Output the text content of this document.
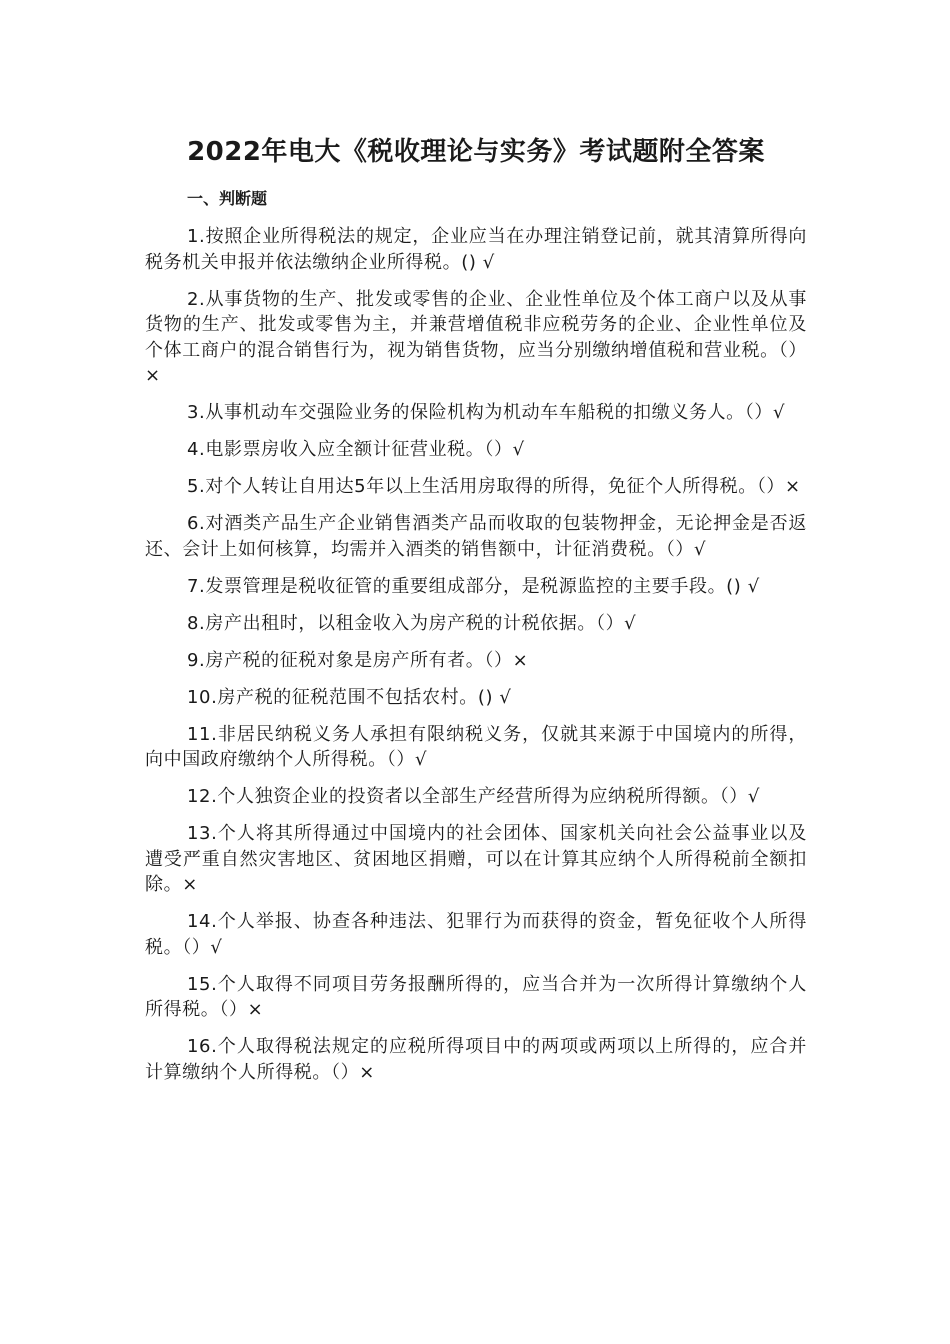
2022年电大《税收理论与实务》考试题附全答案

一、判断题

1.按照企业所得税法的规定，企业应当在办理注销登记前，就其清算所得向税务机关申报并依法缴纳企业所得税。() √

2.从事货物的生产、批发或零售的企业、企业性单位及个体工商户以及从事货物的生产、批发或零售为主，并兼营增值税非应税劳务的企业、企业性单位及个体工商户的混合销售行为，视为销售货物，应当分别缴纳增值税和营业税。（）×

3.从事机动车交强险业务的保险机构为机动车车船税的扣缴义务人。（）√

4.电影票房收入应全额计征营业税。（）√

5.对个人转让自用达5年以上生活用房取得的所得，免征个人所得税。（）×

6.对酒类产品生产企业销售酒类产品而收取的包装物押金，无论押金是否返还、会计上如何核算，均需并入酒类的销售额中，计征消费税。（）√

7.发票管理是税收征管的重要组成部分，是税源监控的主要手段。() √

8.房产出租时，以租金收入为房产税的计税依据。（）√

9.房产税的征税对象是房产所有者。（）×

10.房产税的征税范围不包括农村。() √

11.非居民纳税义务人承担有限纳税义务，仅就其来源于中国境内的所得，向中国政府缴纳个人所得税。（）√

12.个人独资企业的投资者以全部生产经营所得为应纳税所得额。（）√

13.个人将其所得通过中国境内的社会团体、国家机关向社会公益事业以及遭受严重自然灾害地区、贫困地区捐赠，可以在计算其应纳个人所得税前全额扣除。×

14.个人举报、协查各种违法、犯罪行为而获得的资金，暂免征收个人所得税。（）√

15.个人取得不同项目劳务报酬所得的，应当合并为一次所得计算缴纳个人所得税。（）×

16.个人取得税法规定的应税所得项目中的两项或两项以上所得的，应合并计算缴纳个人所得税。（）×
